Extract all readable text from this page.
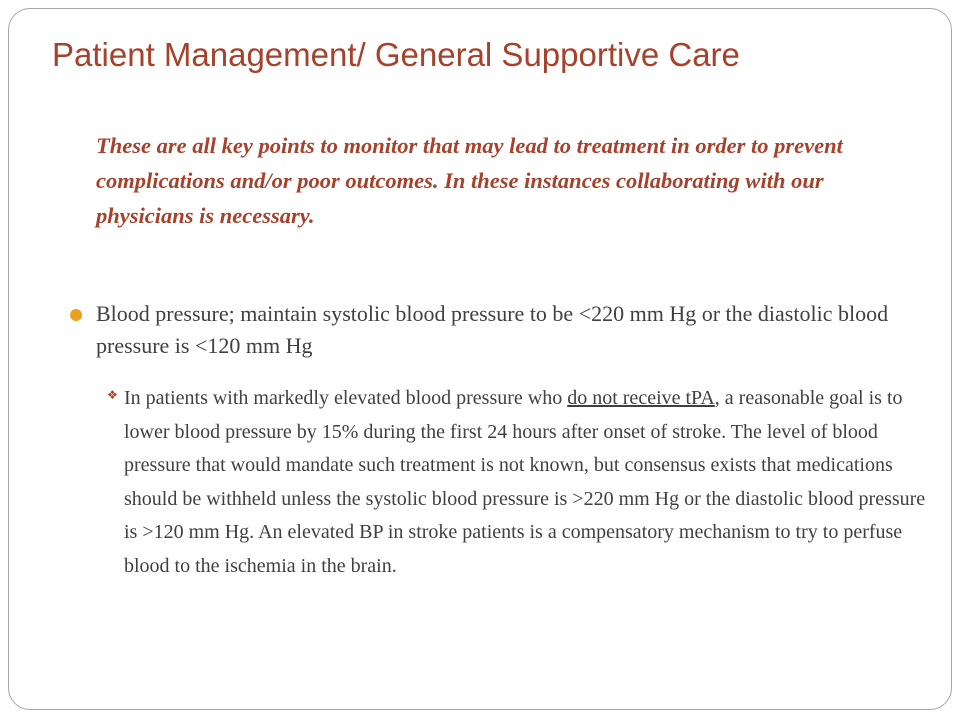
Patient Management/ General Supportive Care

These are all key points to monitor that may lead to treatment in order to prevent complications and/or poor outcomes. In these instances collaborating with our physicians is necessary.

Blood pressure; maintain systolic blood pressure to be <220 mm Hg or the diastolic blood pressure is <120 mm Hg
❖ In patients with markedly elevated blood pressure who do not receive tPA, a reasonable goal is to lower blood pressure by 15% during the first 24 hours after onset of stroke. The level of blood pressure that would mandate such treatment is not known, but consensus exists that medications should be withheld unless the systolic blood pressure is >220 mm Hg or the diastolic blood pressure is >120 mm Hg. An elevated BP in stroke patients is a compensatory mechanism to try to perfuse blood to the ischemia in the brain.
